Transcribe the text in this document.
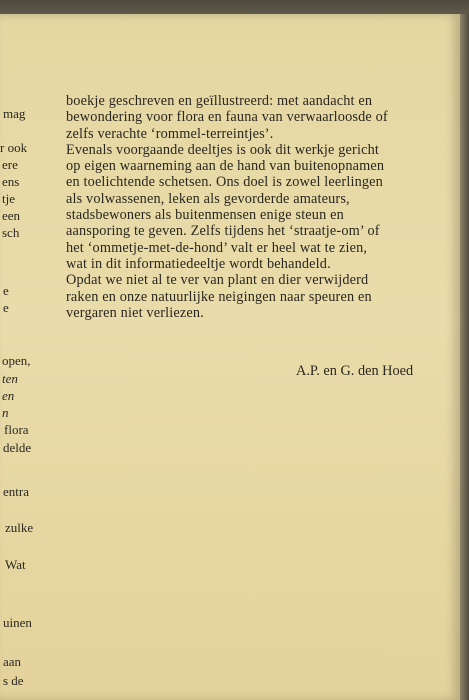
mag
r ook
ere
ens
tje
een
sch
e
e
open,
ten
en
n
flora
delde
entra
zulke
Wat
uinen
aan
s de
boekje geschreven en geïllustreerd: met aandacht en
bewondering voor flora en fauna van verwaarloosde of
zelfs verachte ‘rommel-terreintjes’.
Evenals voorgaande deeltjes is ook dit werkje gericht
op eigen waarneming aan de hand van buitenopnamen
en toelichtende schetsen. Ons doel is zowel leerlingen
als volwassenen, leken als gevorderde amateurs,
stadsbewoners als buitenmensen enige steun en
aansporing te geven. Zelfs tijdens het ‘straatje-om’ of
het ‘ommetje-met-de-hond’ valt er heel wat te zien,
wat in dit informatiedeeltje wordt behandeld.
Opdat we niet al te ver van plant en dier verwijderd
raken en onze natuurlijke neigingen naar speuren en
vergaren niet verliezen.
A.P. en G. den Hoed
